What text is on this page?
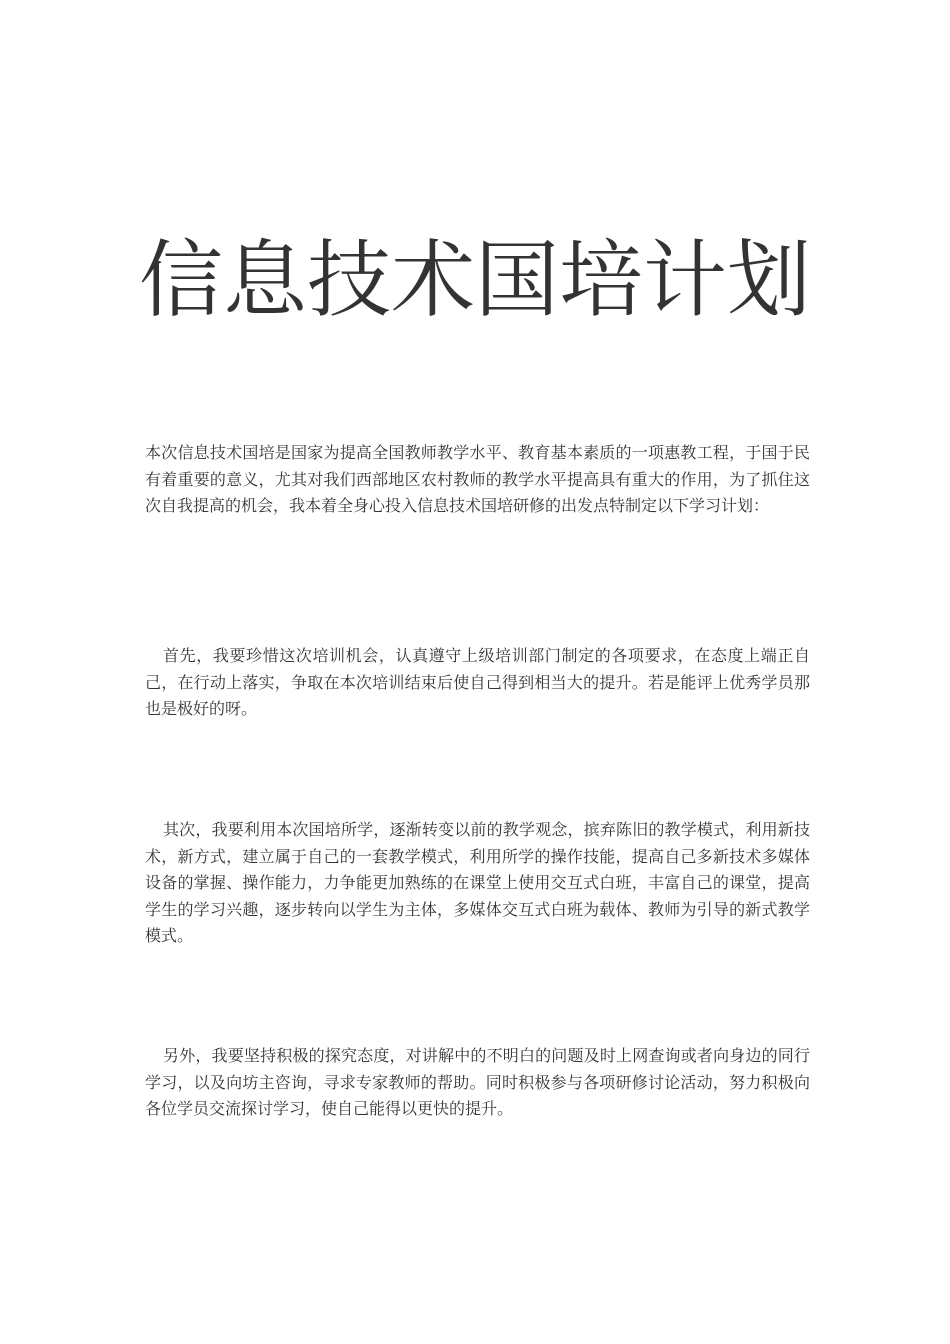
信息技术国培计划

本次信息技术国培是国家为提高全国教师教学水平、教育基本素质的一项惠教工程，于国于民有着重要的意义，尤其对我们西部地区农村教师的教学水平提高具有重大的作用，为了抓住这次自我提高的机会，我本着全身心投入信息技术国培研修的出发点特制定以下学习计划：

首先，我要珍惜这次培训机会，认真遵守上级培训部门制定的各项要求，在态度上端正自己，在行动上落实，争取在本次培训结束后使自己得到相当大的提升。若是能评上优秀学员那也是极好的呀。

其次，我要利用本次国培所学，逐渐转变以前的教学观念，摈弃陈旧的教学模式，利用新技术，新方式，建立属于自己的一套教学模式，利用所学的操作技能，提高自己多新技术多媒体设备的掌握、操作能力，力争能更加熟练的在课堂上使用交互式白班，丰富自己的课堂，提高学生的学习兴趣，逐步转向以学生为主体，多媒体交互式白班为载体、教师为引导的新式教学模式。

另外，我要坚持积极的探究态度，对讲解中的不明白的问题及时上网查询或者向身边的同行学习，以及向坊主咨询，寻求专家教师的帮助。同时积极参与各项研修讨论活动，努力积极向各位学员交流探讨学习，使自己能得以更快的提升。
